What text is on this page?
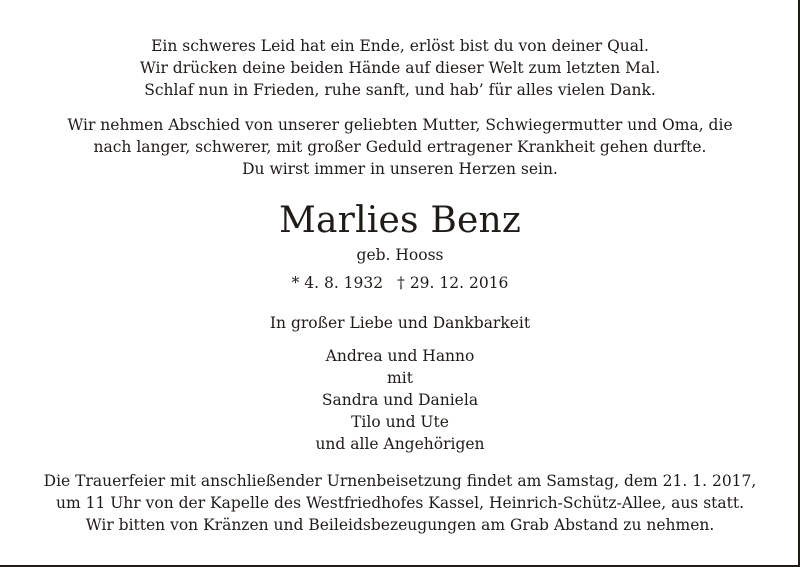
Ein schweres Leid hat ein Ende, erlöst bist du von deiner Qual.
Wir drücken deine beiden Hände auf dieser Welt zum letzten Mal.
Schlaf nun in Frieden, ruhe sanft, und hab’ für alles vielen Dank.
Wir nehmen Abschied von unserer geliebten Mutter, Schwiegermutter und Oma, die
nach langer, schwerer, mit großer Geduld ertragener Krankheit gehen durfte.
Du wirst immer in unseren Herzen sein.
Marlies Benz
geb. Hooss
* 4. 8. 1932 † 29. 12. 2016
In großer Liebe und Dankbarkeit
Andrea und Hanno
mit
Sandra und Daniela
Tilo und Ute
und alle Angehörigen
Die Trauerfeier mit anschließender Urnenbeisetzung findet am Samstag, dem 21. 1. 2017,
um 11 Uhr von der Kapelle des Westfriedhofes Kassel, Heinrich-Schütz-Allee, aus statt.
Wir bitten von Kränzen und Beileidsbezeugungen am Grab Abstand zu nehmen.
